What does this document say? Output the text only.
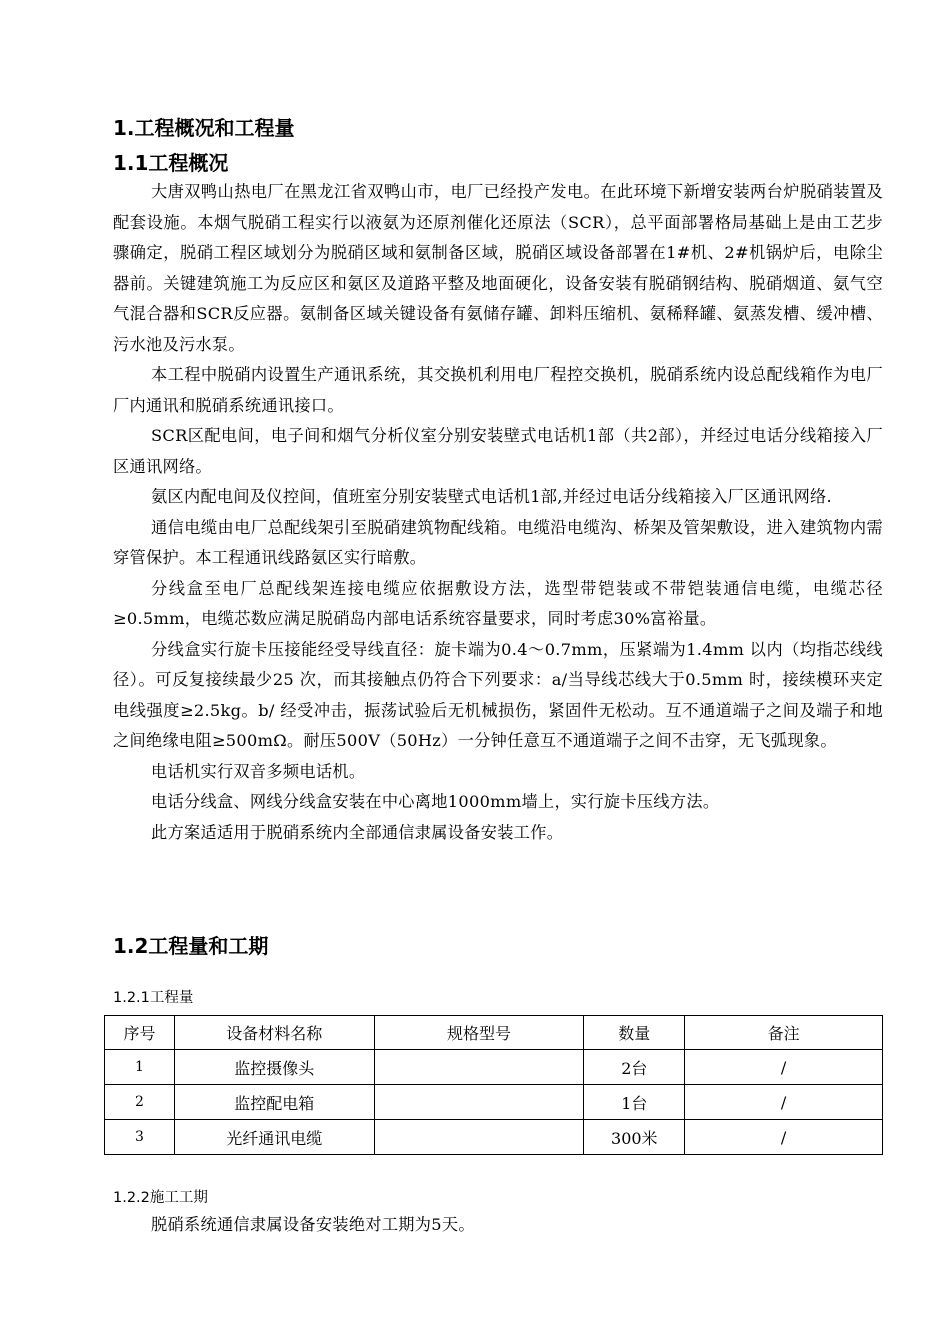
1.工程概况和工程量
1.1工程概况

大唐双鸭山热电厂在黑龙江省双鸭山市，电厂已经投产发电。在此环境下新增安装两台炉脱硝装置及配套设施。本烟气脱硝工程实行以液氨为还原剂催化还原法（SCR），总平面部署格局基础上是由工艺步骤确定，脱硝工程区域划分为脱硝区域和氨制备区域，脱硝区域设备部署在1#机、2#机锅炉后，电除尘器前。关键建筑施工为反应区和氨区及道路平整及地面硬化，设备安装有脱硝钢结构、脱硝烟道、氨气空气混合器和SCR反应器。氨制备区域关键设备有氨储存罐、卸料压缩机、氨稀释罐、氨蒸发槽、缓冲槽、污水池及污水泵。

本工程中脱硝内设置生产通讯系统，其交换机利用电厂程控交换机，脱硝系统内设总配线箱作为电厂厂内通讯和脱硝系统通讯接口。

SCR区配电间，电子间和烟气分析仪室分别安装壁式电话机1部（共2部），并经过电话分线箱接入厂区通讯网络。

氨区内配电间及仪控间，值班室分别安装壁式电话机1部,并经过电话分线箱接入厂区通讯网络.

通信电缆由电厂总配线架引至脱硝建筑物配线箱。电缆沿电缆沟、桥架及管架敷设，进入建筑物内需穿管保护。本工程通讯线路氨区实行暗敷。

分线盒至电厂总配线架连接电缆应依据敷设方法，选型带铠装或不带铠装通信电缆，电缆芯径≥0.5mm，电缆芯数应满足脱硝岛内部电话系统容量要求，同时考虑30%富裕量。

分线盒实行旋卡压接能经受导线直径：旋卡端为0.4～0.7mm，压紧端为1.4mm 以内（均指芯线线径）。可反复接续最少25 次，而其接触点仍符合下列要求：a/当导线芯线大于0.5mm 时，接续模环夹定电线强度≥2.5kg。b/ 经受冲击，振荡试验后无机械损伤，紧固件无松动。互不通道端子之间及端子和地之间绝缘电阻≥500mΩ。耐压500V（50Hz）一分钟任意互不通道端子之间不击穿，无飞弧现象。

电话机实行双音多频电话机。

电话分线盒、网线分线盒安装在中心离地1000mm墙上，实行旋卡压线方法。

此方案适适用于脱硝系统内全部通信隶属设备安装工作。

1.2工程量和工期
1.2.1工程量
序号	设备材料名称	规格型号	数量	备注
1	监控摄像头		2台	/
2	监控配电箱		1台	/
3	光纤通讯电缆		300米	/
1.2.2施工工期
脱硝系统通信隶属设备安装绝对工期为5天。
